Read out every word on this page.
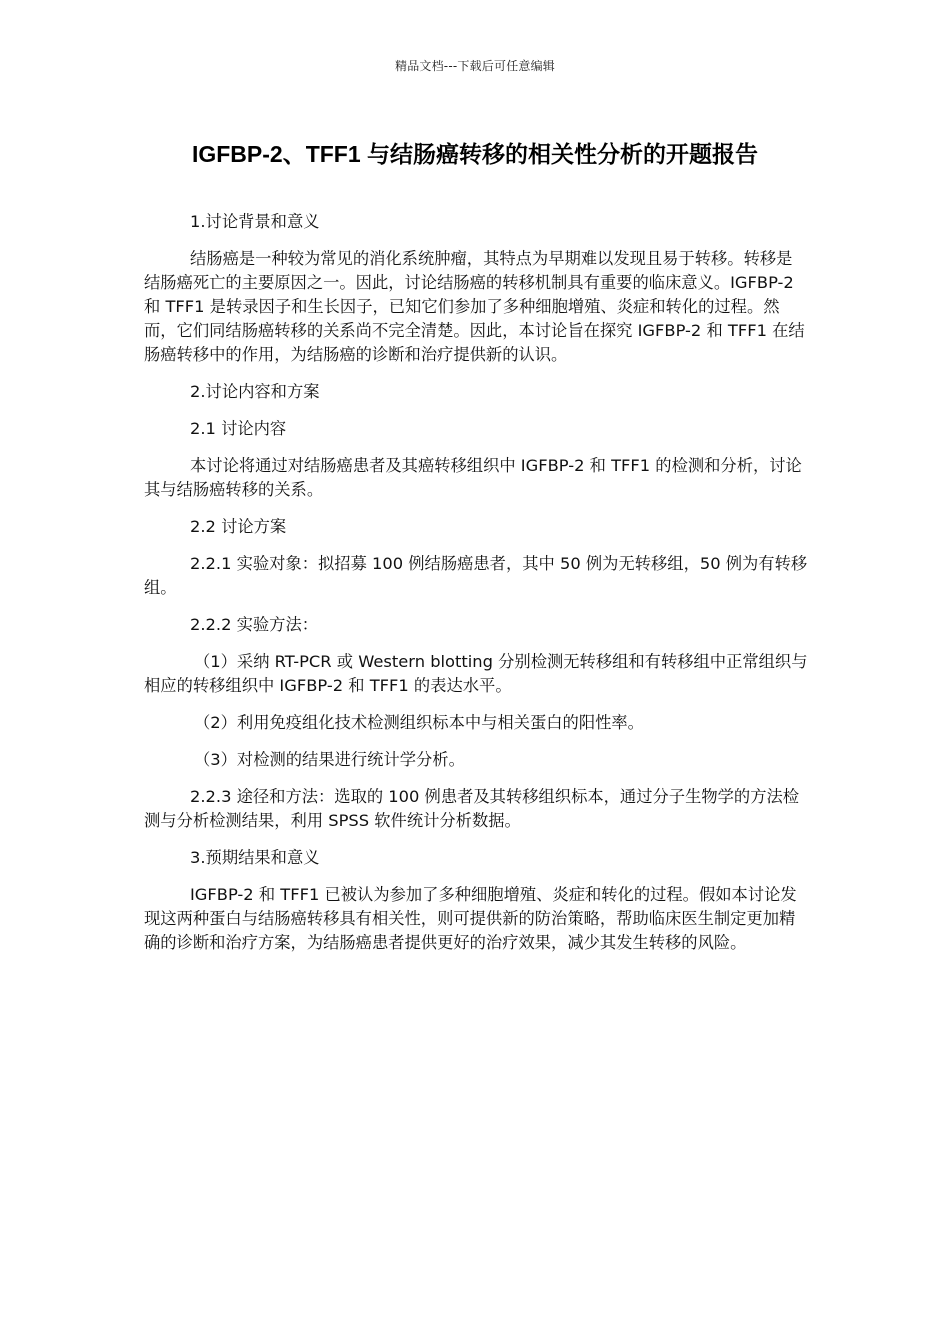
精品文档---下载后可任意编辑
IGFBP-2、TFF1 与结肠癌转移的相关性分析的开题报告

1.讨论背景和意义

结肠癌是一种较为常见的消化系统肿瘤，其特点为早期难以发现且易于转移。转移是结肠癌死亡的主要原因之一。因此，讨论结肠癌的转移机制具有重要的临床意义。IGFBP-2 和 TFF1 是转录因子和生长因子，已知它们参加了多种细胞增殖、炎症和转化的过程。然而，它们同结肠癌转移的关系尚不完全清楚。因此，本讨论旨在探究 IGFBP-2 和 TFF1 在结肠癌转移中的作用，为结肠癌的诊断和治疗提供新的认识。

2.讨论内容和方案

2.1 讨论内容

本讨论将通过对结肠癌患者及其癌转移组织中 IGFBP-2 和 TFF1 的检测和分析，讨论其与结肠癌转移的关系。

2.2 讨论方案

2.2.1 实验对象：拟招募 100 例结肠癌患者，其中 50 例为无转移组，50 例为有转移组。

2.2.2 实验方法：

（1）采纳 RT-PCR 或 Western blotting 分别检测无转移组和有转移组中正常组织与相应的转移组织中 IGFBP-2 和 TFF1 的表达水平。

（2）利用免疫组化技术检测组织标本中与相关蛋白的阳性率。

（3）对检测的结果进行统计学分析。

2.2.3 途径和方法：选取的 100 例患者及其转移组织标本，通过分子生物学的方法检测与分析检测结果，利用 SPSS 软件统计分析数据。

3.预期结果和意义

IGFBP-2 和 TFF1 已被认为参加了多种细胞增殖、炎症和转化的过程。假如本讨论发现这两种蛋白与结肠癌转移具有相关性，则可提供新的防治策略，帮助临床医生制定更加精确的诊断和治疗方案，为结肠癌患者提供更好的治疗效果，减少其发生转移的风险。
